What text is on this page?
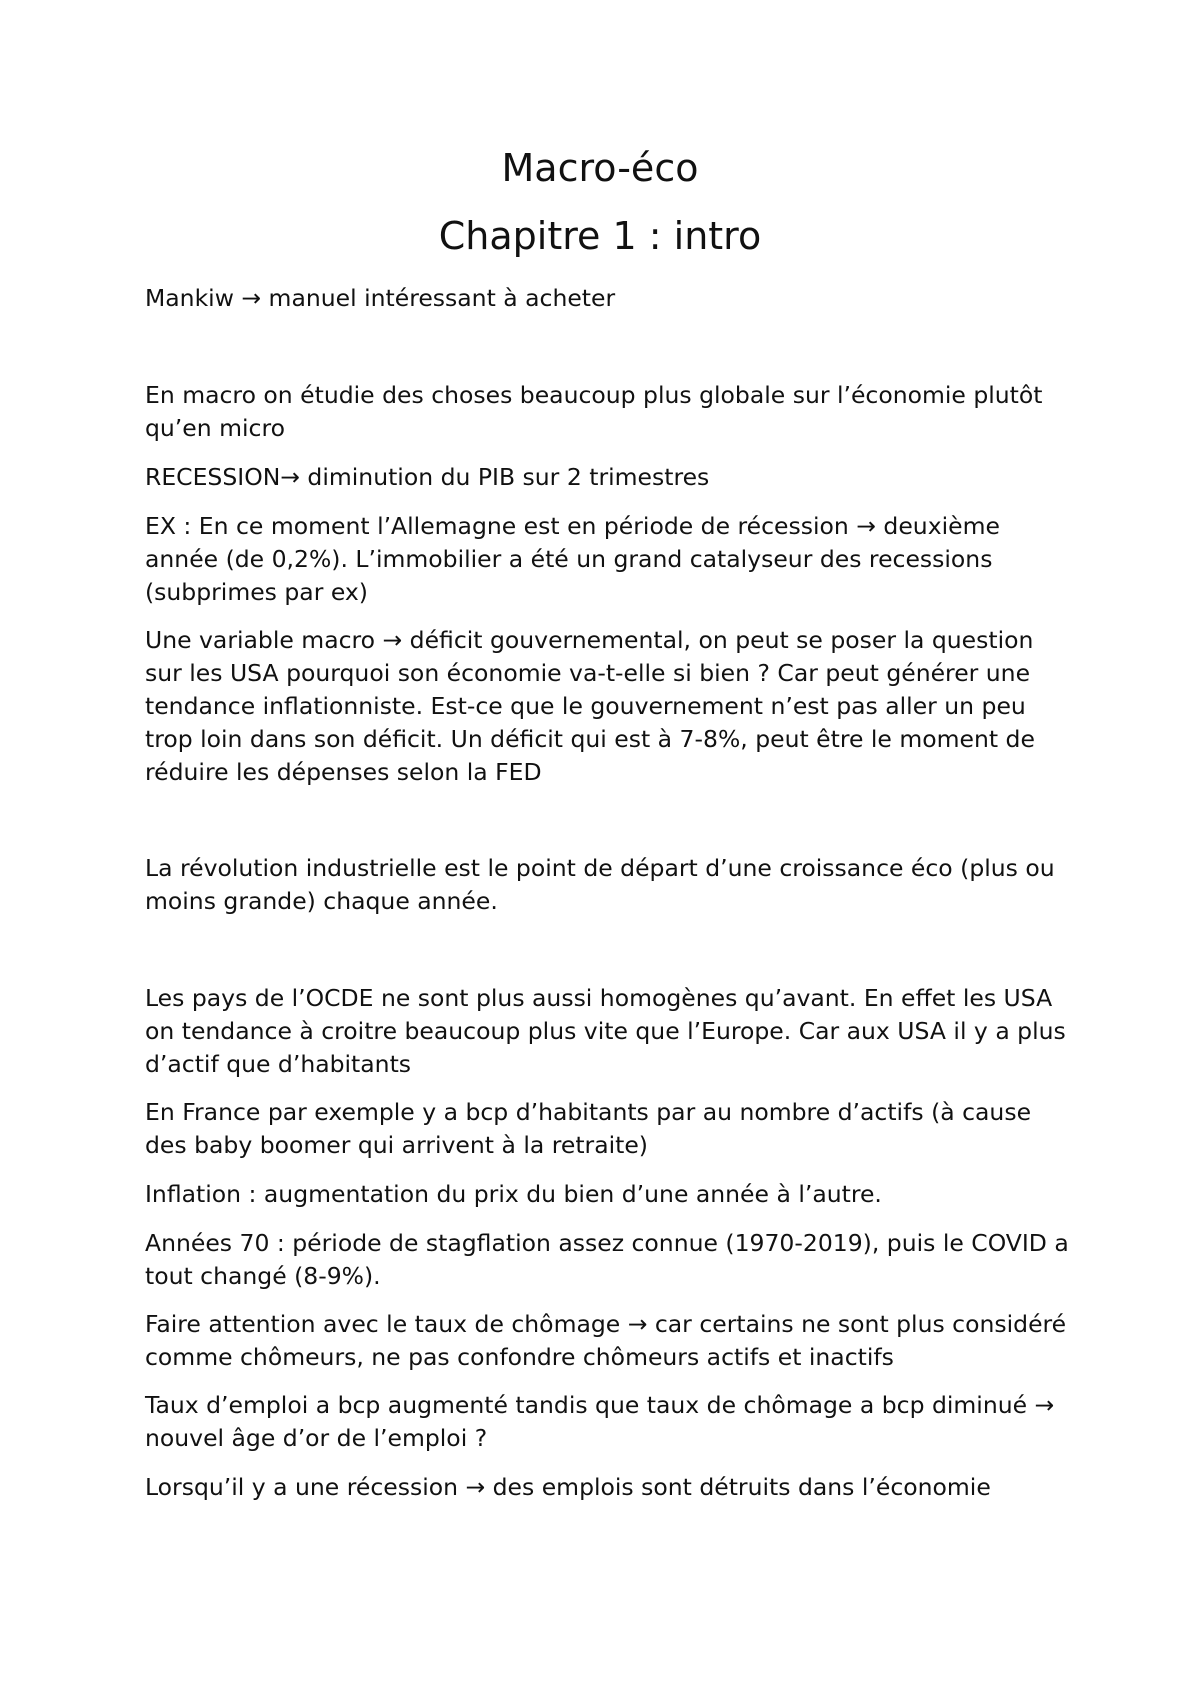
Macro-éco
Chapitre 1 : intro

Mankiw → manuel intéressant à acheter

En macro on étudie des choses beaucoup plus globale sur l’économie plutôt qu’en micro

RECESSION→ diminution du PIB sur 2 trimestres

EX : En ce moment l’Allemagne est en période de récession → deuxième année (de 0,2%). L’immobilier a été un grand catalyseur des recessions (subprimes par ex)

Une variable macro → déficit gouvernemental, on peut se poser la question sur les USA pourquoi son économie va-t-elle si bien ? Car peut générer une tendance inflationniste. Est-ce que le gouvernement n’est pas aller un peu trop loin dans son déficit. Un déficit qui est à 7-8%, peut être le moment de réduire les dépenses selon la FED

La révolution industrielle est le point de départ d’une croissance éco (plus ou moins grande) chaque année.

Les pays de l’OCDE ne sont plus aussi homogènes qu’avant. En effet les USA on tendance à croitre beaucoup plus vite que l’Europe. Car aux USA il y a plus d’actif que d’habitants

En France par exemple y a bcp d’habitants par au nombre d’actifs (à cause des baby boomer qui arrivent à la retraite)

Inflation : augmentation du prix du bien d’une année à l’autre.

Années 70 : période de stagflation assez connue (1970-2019), puis le COVID a tout changé (8-9%).

Faire attention avec le taux de chômage → car certains ne sont plus considéré comme chômeurs, ne pas confondre chômeurs actifs et inactifs

Taux d’emploi a bcp augmenté tandis que taux de chômage a bcp diminué → nouvel âge d’or de l’emploi ?

Lorsqu’il y a une récession → des emplois sont détruits dans l’économie
